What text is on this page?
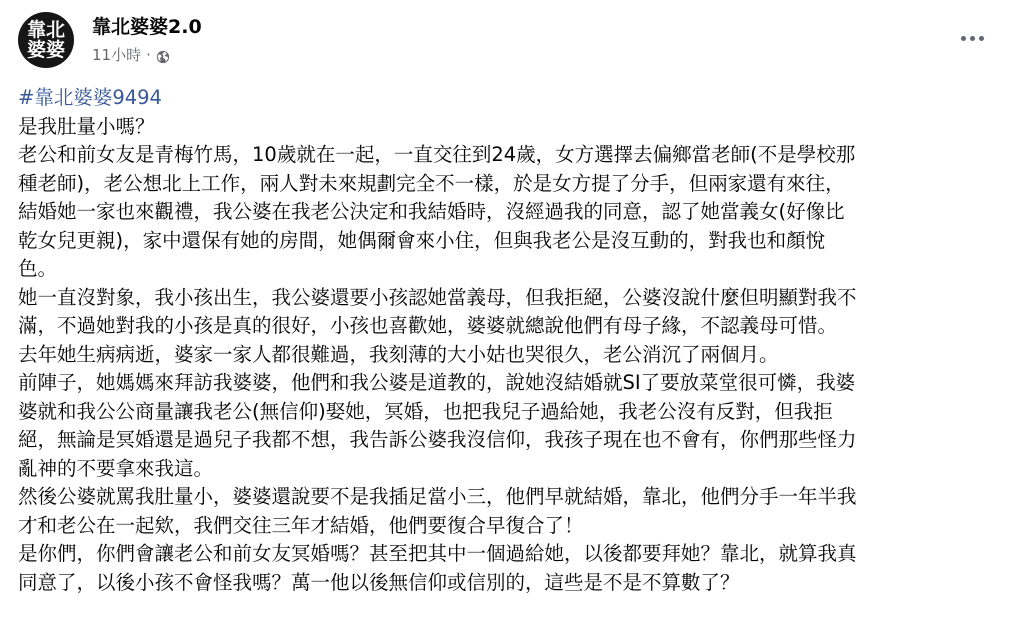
靠北婆婆
靠北婆婆2.0
11小時 ·
#靠北婆婆9494
是我肚量小嗎？
老公和前女友是青梅竹馬，10歲就在一起，一直交往到24歲，女方選擇去偏鄉當老師(不是學校那
種老師)，老公想北上工作，兩人對未來規劃完全不一樣，於是女方提了分手，但兩家還有來往，
結婚她一家也來觀禮，我公婆在我老公決定和我結婚時，沒經過我的同意，認了她當義女(好像比
乾女兒更親)，家中還保有她的房間，她偶爾會來小住，但與我老公是沒互動的，對我也和顏悅
色。
她一直沒對象，我小孩出生，我公婆還要小孩認她當義母，但我拒絕，公婆沒說什麼但明顯對我不
滿，不過她對我的小孩是真的很好，小孩也喜歡她，婆婆就總說他們有母子緣，不認義母可惜。
去年她生病病逝，婆家一家人都很難過，我刻薄的大小姑也哭很久，老公消沉了兩個月。
前陣子，她媽媽來拜訪我婆婆，他們和我公婆是道教的，說她沒結婚就SI了要放菜堂很可憐，我婆
婆就和我公公商量讓我老公(無信仰)娶她，冥婚，也把我兒子過給她，我老公沒有反對，但我拒
絕，無論是冥婚還是過兒子我都不想，我告訴公婆我沒信仰，我孩子現在也不會有，你們那些怪力
亂神的不要拿來我這。
然後公婆就罵我肚量小，婆婆還說要不是我插足當小三，他們早就結婚，靠北，他們分手一年半我
才和老公在一起欸，我們交往三年才結婚，他們要復合早復合了！
是你們，你們會讓老公和前女友冥婚嗎？甚至把其中一個過給她，以後都要拜她？靠北，就算我真
同意了，以後小孩不會怪我嗎？萬一他以後無信仰或信別的，這些是不是不算數了？
